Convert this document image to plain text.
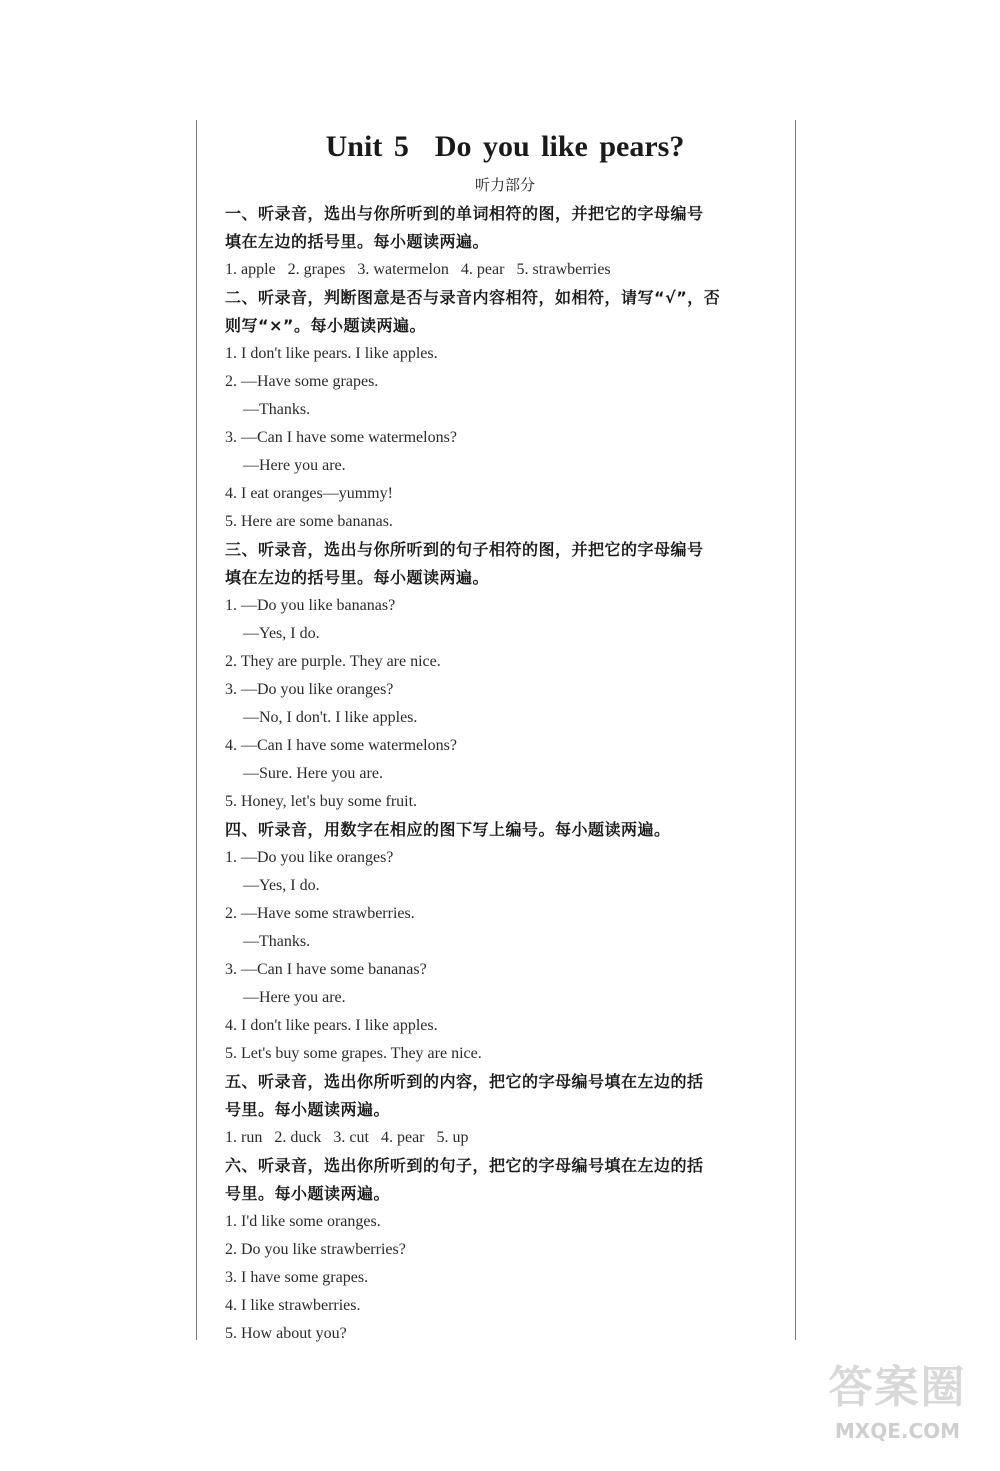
Unit 5 Do you like pears?
听力部分
一、听录音，选出与你所听到的单词相符的图，并把它的字母编号
填在左边的括号里。每小题读两遍。
1. apple   2. grapes   3. watermelon   4. pear   5. strawberries
二、听录音，判断图意是否与录音内容相符，如相符，请写“√”，否
则写“×”。每小题读两遍。
1. I don't like pears. I like apples.
2. —Have some grapes.
—Thanks.
3. —Can I have some watermelons?
—Here you are.
4. I eat oranges—yummy!
5. Here are some bananas.
三、听录音，选出与你所听到的句子相符的图，并把它的字母编号
填在左边的括号里。每小题读两遍。
1. —Do you like bananas?
—Yes, I do.
2. They are purple. They are nice.
3. —Do you like oranges?
—No, I don't. I like apples.
4. —Can I have some watermelons?
—Sure. Here you are.
5. Honey, let's buy some fruit.
四、听录音，用数字在相应的图下写上编号。每小题读两遍。
1. —Do you like oranges?
—Yes, I do.
2. —Have some strawberries.
—Thanks.
3. —Can I have some bananas?
—Here you are.
4. I don't like pears. I like apples.
5. Let's buy some grapes. They are nice.
五、听录音，选出你所听到的内容，把它的字母编号填在左边的括
号里。每小题读两遍。
1. run   2. duck   3. cut   4. pear   5. up
六、听录音，选出你所听到的句子，把它的字母编号填在左边的括
号里。每小题读两遍。
1. I'd like some oranges.
2. Do you like strawberries?
3. I have some grapes.
4. I like strawberries.
5. How about you?
答案圈
MXQE.COM
